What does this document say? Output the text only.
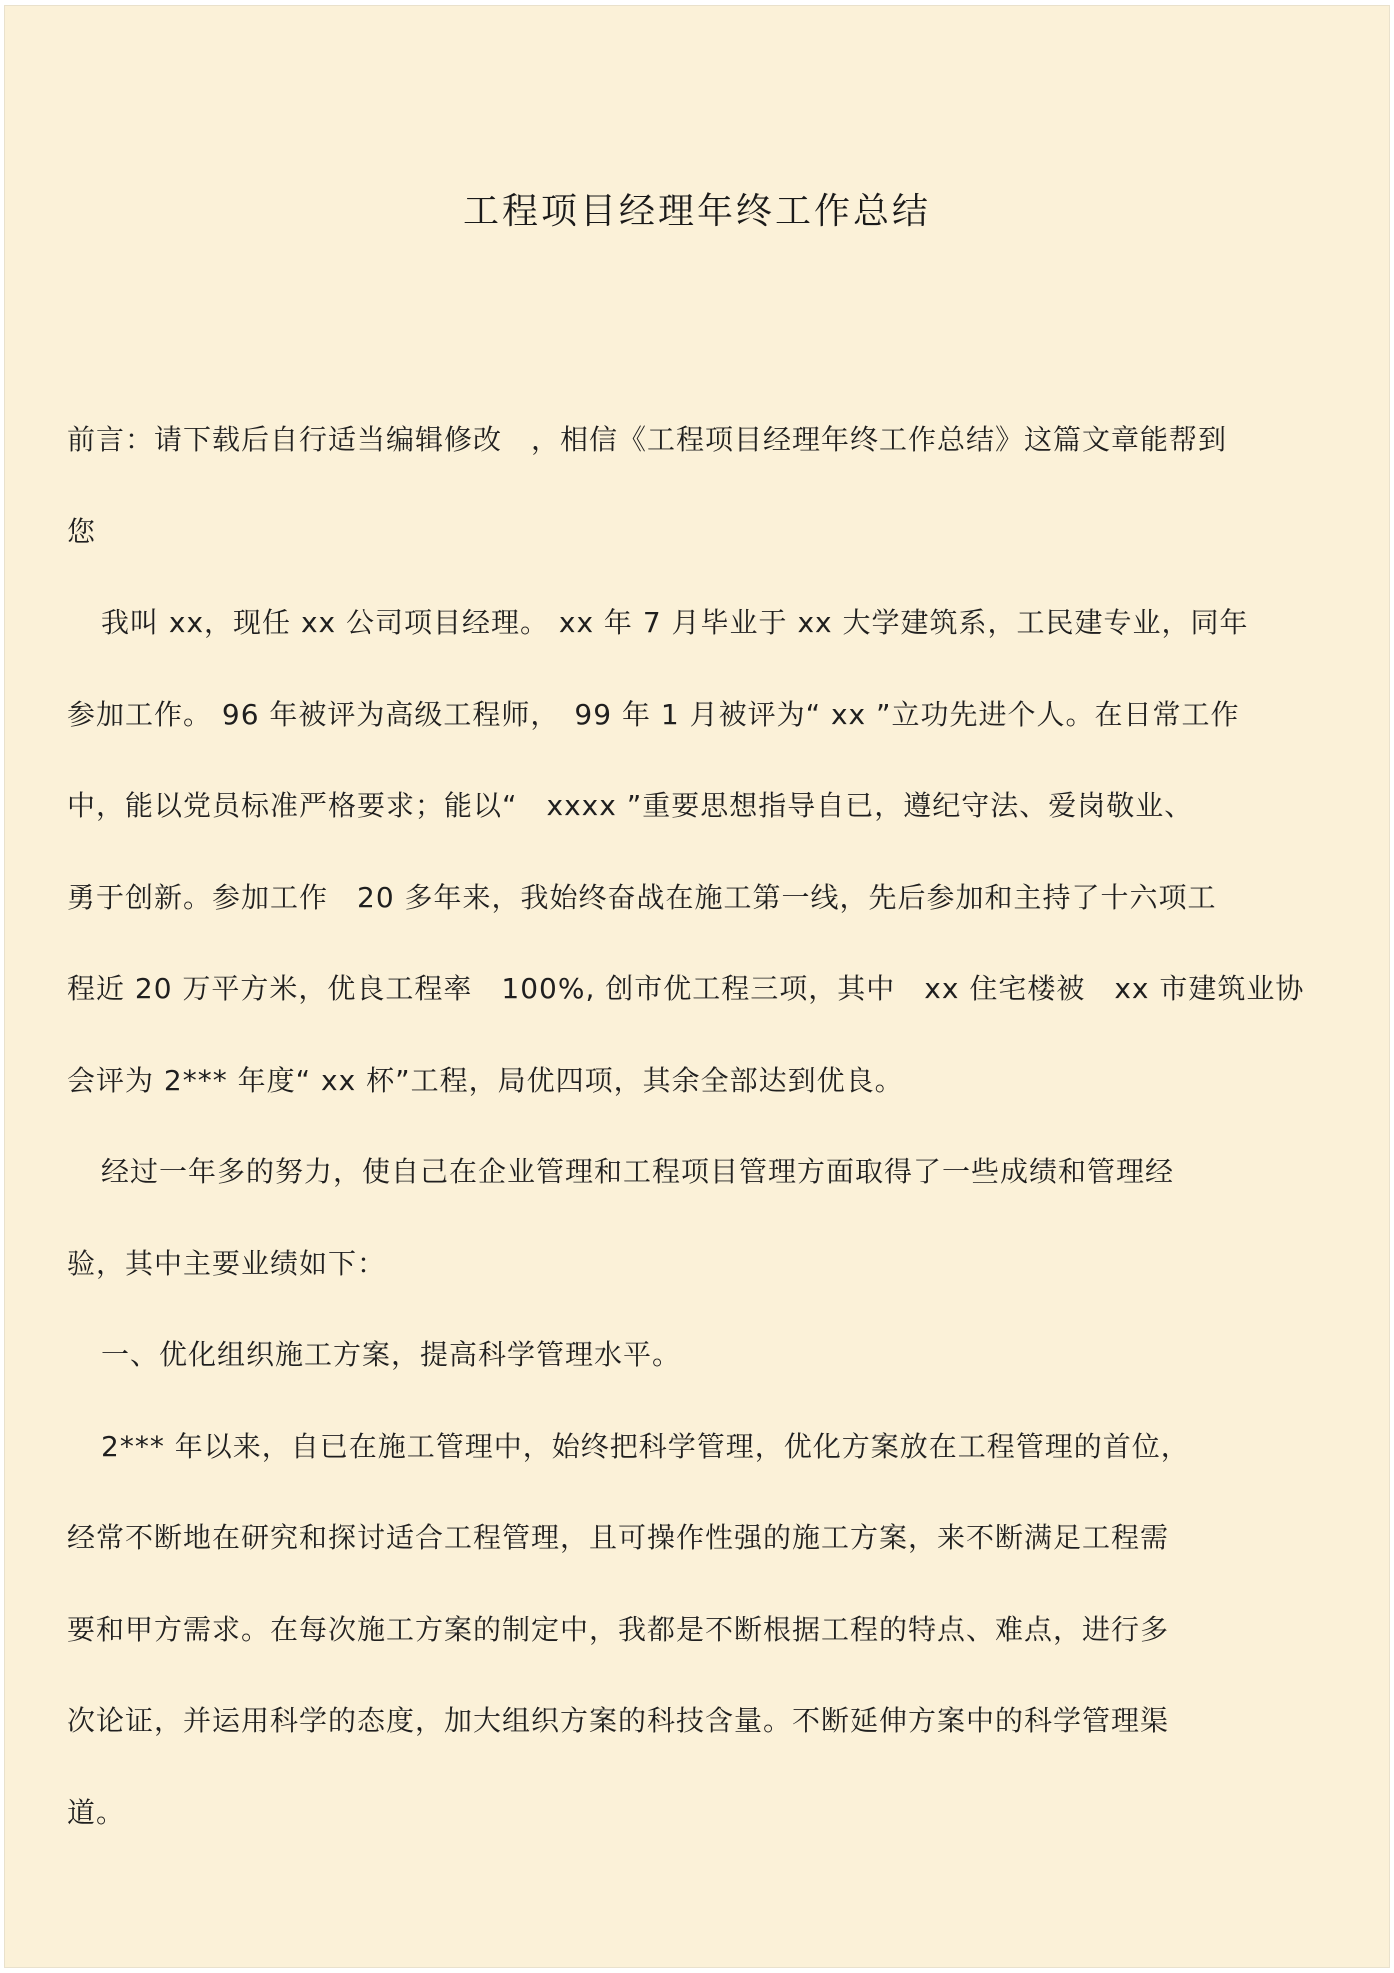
工程项目经理年终工作总结
前言：请下载后自行适当编辑修改　，相信《工程项目经理年终工作总结》这篇文章能帮到
您
我叫 xx，现任 xx 公司项目经理。 xx 年 7 月毕业于 xx 大学建筑系，工民建专业，同年
参加工作。 96 年被评为高级工程师，　99 年 1 月被评为“ xx ”立功先进个人。在日常工作
中，能以党员标准严格要求；能以“　xxxx ”重要思想指导自已，遵纪守法、爱岗敬业、
勇于创新。参加工作　20 多年来，我始终奋战在施工第一线，先后参加和主持了十六项工
程近 20 万平方米，优良工程率　100%, 创市优工程三项，其中　xx 住宅楼被　xx 市建筑业协
会评为 2*** 年度“ xx 杯”工程，局优四项，其余全部达到优良。
经过一年多的努力，使自己在企业管理和工程项目管理方面取得了一些成绩和管理经
验，其中主要业绩如下：
一、优化组织施工方案，提高科学管理水平。
2*** 年以来，自已在施工管理中，始终把科学管理，优化方案放在工程管理的首位，
经常不断地在研究和探讨适合工程管理，且可操作性强的施工方案，来不断满足工程需
要和甲方需求。在每次施工方案的制定中，我都是不断根据工程的特点、难点，进行多
次论证，并运用科学的态度，加大组织方案的科技含量。不断延伸方案中的科学管理渠
道。
